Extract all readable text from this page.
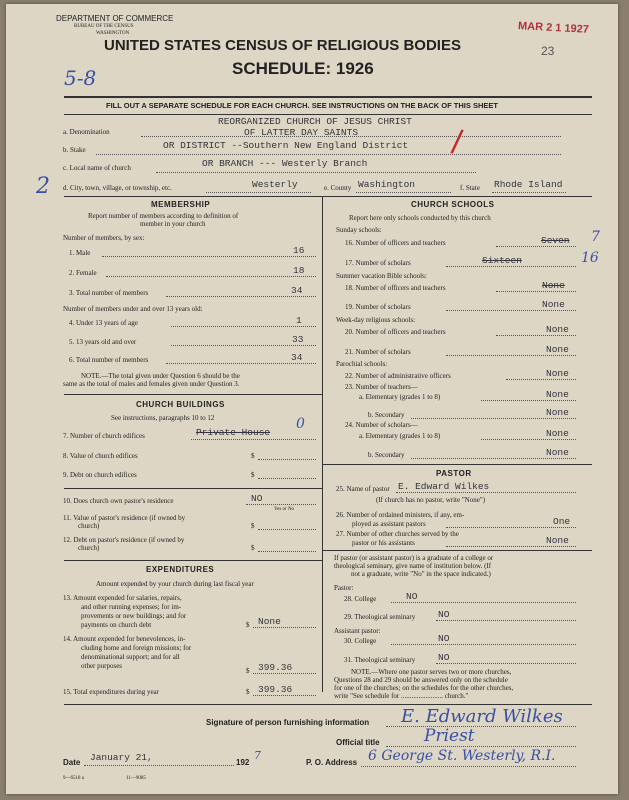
DEPARTMENT OF COMMERCE
BUREAU OF THE CENSUS
WASHINGTON	MAR 2 1 1927
UNITED STATES CENSUS OF RELIGIOUS BODIES	23
SCHEDULE: 1926
5-8
2
FILL OUT A SEPARATE SCHEDULE FOR EACH CHURCH. SEE INSTRUCTIONS ON THE BACK OF THIS SHEET
REORGANIZED CHURCH OF JESUS CHRIST
a. Denomination	OF LATTER DAY SAINTS
b. Stake	OR DISTRICT --Southern New England District
c. Local name of church	OR BRANCH --- Westerly Branch
/
d. City, town, village, or township, etc.	Westerly	e. County Washington	f. State Rhode Island
MEMBERSHIP
Report number of members according to definition of
member in your church
Number of members, by sex:
1. Male	16
2. Female	18
3. Total number of members	34
Number of members under and over 13 years old:
4. Under 13 years of age	1
5. 13 years old and over	33
6. Total number of members	34
NOTE.—The total given under Question 6 should be the
same as the total of males and females given under Question 3.
CHURCH BUILDINGS
See instructions, paragraphs 10 to 12
7. Number of church edifices	Private House
0
8. Value of church edifices	$
9. Debt on church edifices	$
10. Does church own pastor's residence	NO
Yes or No
11. Value of pastor's residence (if owned by
church)	$
12. Debt on pastor's residence (if owned by
church)	$
EXPENDITURES
Amount expended by your church during last fiscal year
13. Amount expended for salaries, repairs,
and other running expenses; for im-
provements or new buildings; and for
payments on church debt	$ None
14. Amount expended for benevolences, in-
cluding home and foreign missions; for
denominational support; and for all
other purposes
$ 399.36
15. Total expenditures during year	$ 399.36
CHURCH SCHOOLS
Report here only schools conducted by this church
Sunday schools:
16. Number of officers and teachers	Seven 7
17. Number of scholars	Sixteen	16
Summer vacation Bible schools:
18. Number of officers and teachers	None
19. Number of scholars	None
Week-day religious schools:
20. Number of officers and teachers	None
21. Number of scholars	None
Parochial schools:
22. Number of administrative officers	None
23. Number of teachers—
a. Elementary (grades 1 to 8)	None
b. Secondary	None
24. Number of scholars—
a. Elementary (grades 1 to 8)	None
b. Secondary	None
PASTOR
25. Name of pastor E. Edward Wilkes
(If church has no pastor, write "None")
26. Number of ordained ministers, if any, em-
ployed as assistant pastors	One
27. Number of other churches served by the
pastor or his assistants	None
If pastor (or assistant pastor) is a graduate of a college or
theological seminary, give name of institution below. (If
not a graduate, write "No" in the space indicated.)
Pastor:
28. College	NO
29. Theological seminary NO
Assistant pastor:
30. College	NO
31. Theological seminary NO
NOTE.—Where one pastor serves two or more churches,
Questions 28 and 29 should be answered only on the schedule
for one of the churches; on the schedules for the other churches,
write "See schedule for ........................ church."
Signature of person furnishing information E. Edward Wilkes
Official title	Priest
Date January 21,	192
7
P. O. Address 6 George St. Westerly, R.I.
9—6518 a	11—9085
